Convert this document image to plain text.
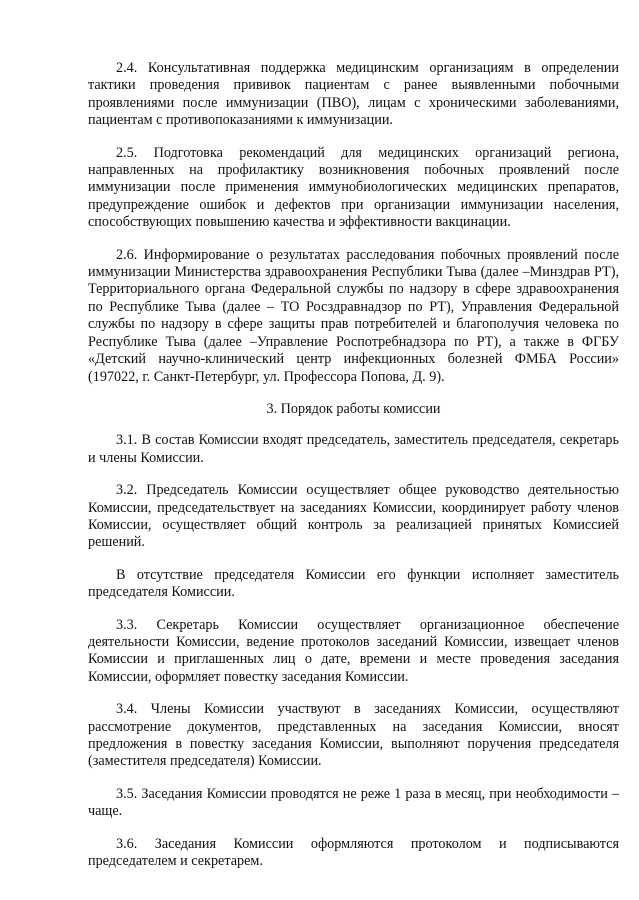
2.4. Консультативная поддержка медицинским организациям в определении тактики проведения прививок пациентам с ранее выявленными побочными проявлениями после иммунизации (ПВО), лицам с хроническими заболеваниями, пациентам с противопоказаниями к иммунизации.

2.5. Подготовка рекомендаций для медицинских организаций региона, направленных на профилактику возникновения побочных проявлений после иммунизации после применения иммунобиологических медицинских препаратов, предупреждение ошибок и дефектов при организации иммунизации населения, способствующих повышению качества и эффективности вакцинации.

2.6. Информирование о результатах расследования побочных проявлений после иммунизации Министерства здравоохранения Республики Тыва (далее –Минздрав РТ), Территориального органа Федеральной службы по надзору в сфере здравоохранения по Республике Тыва (далее – ТО Росздравнадзор по РТ), Управления Федеральной службы по надзору в сфере защиты прав потребителей и благополучия человека по Республике Тыва (далее –Управление Роспотребнадзора по РТ), а также в ФГБУ «Детский научно-клинический центр инфекционных болезней ФМБА России» (197022, г. Санкт-Петербург, ул. Профессора Попова, Д. 9).

3. Порядок работы комиссии

3.1. В состав Комиссии входят председатель, заместитель председателя, секретарь и члены Комиссии.

3.2. Председатель Комиссии осуществляет общее руководство деятельностью Комиссии, председательствует на заседаниях Комиссии, координирует работу членов Комиссии, осуществляет общий контроль за реализацией принятых Комиссией решений.

В отсутствие председателя Комиссии его функции исполняет заместитель председателя Комиссии.

3.3. Секретарь Комиссии осуществляет организационное обеспечение деятельности Комиссии, ведение протоколов заседаний Комиссии, извещает членов Комиссии и приглашенных лиц о дате, времени и месте проведения заседания Комиссии, оформляет повестку заседания Комиссии.

3.4. Члены Комиссии участвуют в заседаниях Комиссии, осуществляют рассмотрение документов, представленных на заседания Комиссии, вносят предложения в повестку заседания Комиссии, выполняют поручения председателя (заместителя председателя) Комиссии.

3.5. Заседания Комиссии проводятся не реже 1 раза в месяц, при необходимости – чаще.

3.6. Заседания Комиссии оформляются протоколом и подписываются председателем и секретарем.
